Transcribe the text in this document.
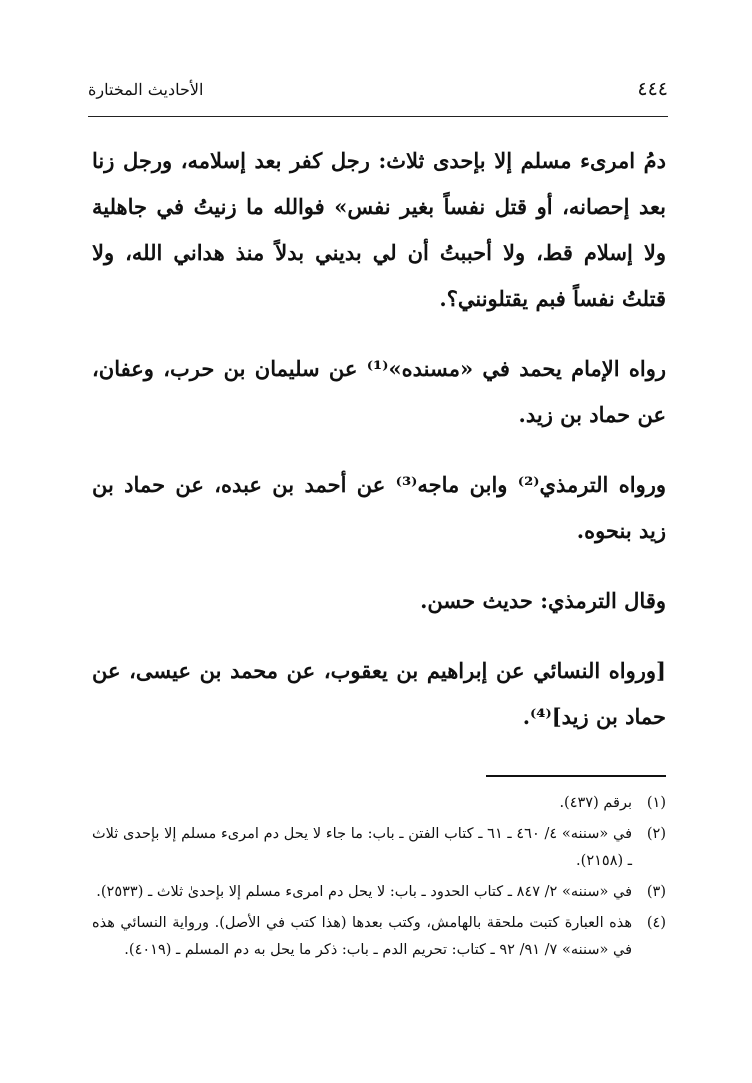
٤٤٤
الأحاديث المختارة

دمُ امرىء مسلم إلا بإحدى ثلاث: رجل كفر بعد إسلامه، ورجل زنا بعد إحصانه، أو قتل نفساً بغير نفس» فوالله ما زنيتُ في جاهلية ولا إسلام قط، ولا أحببتُ أن لي بديني بدلاً منذ هداني الله، ولا قتلتُ نفساً فبم يقتلونني؟.

رواه الإمام يحمد في «مسنده»⁽¹⁾ عن سليمان بن حرب، وعفان، عن حماد بن زيد.

ورواه الترمذي⁽²⁾ وابن ماجه⁽³⁾ عن أحمد بن عبده، عن حماد بن زيد بنحوه.

وقال الترمذي: حديث حسن.

[ورواه النسائي عن إبراهيم بن يعقوب، عن محمد بن عيسى، عن حماد بن زيد]⁽⁴⁾.

(١)
برقم (٤٣٧).
(٢)
في «سننه» ٤/ ٤٦٠ ـ ٦١ ـ كتاب الفتن ـ باب: ما جاء لا يحل دم امرىء مسلم إلا بإحدى ثلاث ـ (٢١٥٨).
(٣)
في «سننه» ٢/ ٨٤٧ ـ كتاب الحدود ـ باب: لا يحل دم امرىء مسلم إلا بإحدىٰ ثلاث ـ (٢٥٣٣).
(٤)
هذه العبارة كتبت ملحقة بالهامش، وكتب بعدها (هذا كتب في الأصل). ورواية النسائي هذه في «سننه» ٧/ ٩١/ ٩٢ ـ كتاب: تحريم الدم ـ باب: ذكر ما يحل به دم المسلم ـ (٤٠١٩).
